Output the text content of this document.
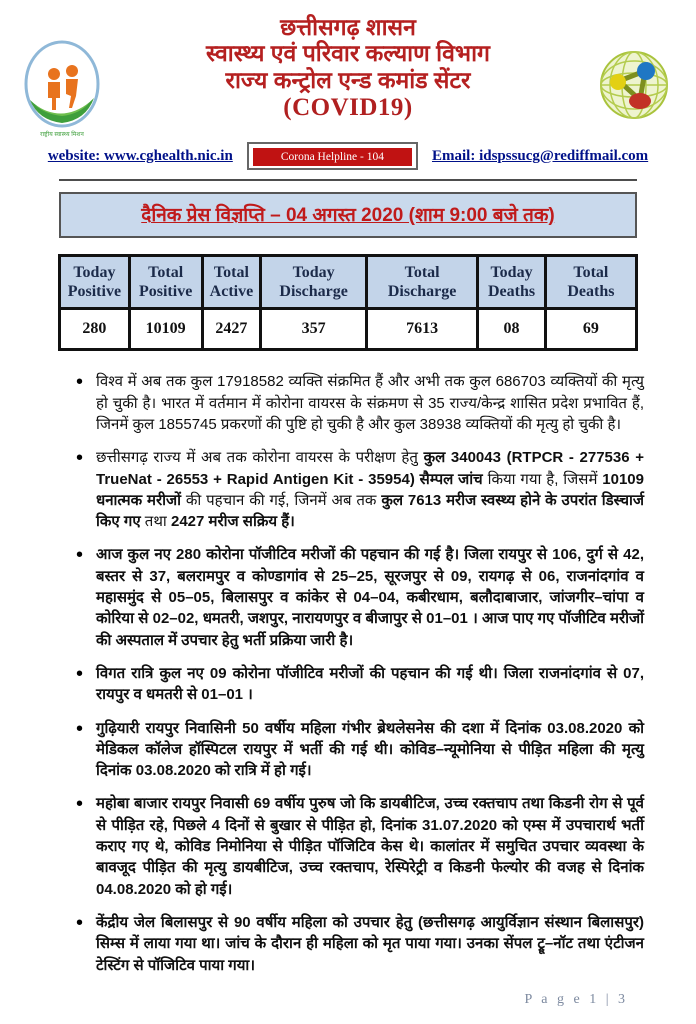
राष्ट्रीय स्वास्थ्य मिशन
छत्तीसगढ़ शासन
स्वास्थ्य एवं परिवार कल्याण विभाग
राज्य कन्ट्रोल एन्ड कमांड सेंटर
(COVID19)
website: www.cghealth.nic.in	Corona Helpline - 104	Email: idspssucg@rediffmail.com
दैनिक प्रेस विज्ञप्ति – 04 अगस्त 2020 (शाम 9:00 बजे तक)
Today Positive	Total Positive	Total Active	Today Discharge	Total Discharge	Today Deaths	Total Deaths
280	10109	2427	357	7613	08	69
• विश्व में अब तक कुल 17918582 व्यक्ति संक्रमित हैं और अभी तक कुल 686703 व्यक्तियों की मृत्यु हो चुकी है। भारत में वर्तमान में कोरोना वायरस के संक्रमण से 35 राज्य/केन्द्र शासित प्रदेश प्रभावित हैं, जिनमें कुल 1855745 प्रकरणों की पुष्टि हो चुकी है और कुल 38938 व्यक्तियों की मृत्यु हो चुकी है।
• छत्तीसगढ़ राज्य में अब तक कोरोना वायरस के परीक्षण हेतु कुल 340043 (RTPCR - 277536 + TrueNat - 26553 + Rapid Antigen Kit - 35954) सैम्पल जांच किया गया है, जिसमें 10109 धनात्मक मरीजों की पहचान की गई, जिनमें अब तक कुल 7613 मरीज स्वस्थ्य होने के उपरांत डिस्चार्ज किए गए तथा 2427 मरीज सक्रिय हैं।
• आज कुल नए 280 कोरोना पॉजीटिव मरीजों की पहचान की गई है। जिला रायपुर से 106, दुर्ग से 42, बस्तर से 37, बलरामपुर व कोण्डागांव से 25–25, सूरजपुर से 09, रायगढ़ से 06, राजनांदगांव व महासमुंद से 05–05, बिलासपुर व कांकेर से 04–04, कबीरधाम, बलौदाबाजार, जांजगीर–चांपा व कोरिया से 02–02, धमतरी, जशपुर, नारायणपुर व बीजापुर से 01–01 । आज पाए गए पॉजीटिव मरीजों की अस्पताल में उपचार हेतु भर्ती प्रक्रिया जारी है।
• विगत रात्रि कुल नए 09 कोरोना पॉजीटिव मरीजों की पहचान की गई थी। जिला राजनांदगांव से 07, रायपुर व धमतरी से 01–01 ।
• गुढ़ियारी रायपुर निवासिनी 50 वर्षीय महिला गंभीर ब्रेथलेसनेस की दशा में दिनांक 03.08.2020 को मेडिकल कॉलेज हॉस्पिटल रायपुर में भर्ती की गई थी। कोविड–न्यूमोनिया से पीड़ित महिला की मृत्यु दिनांक 03.08.2020 को रात्रि में हो गई।
• महोबा बाजार रायपुर निवासी 69 वर्षीय पुरुष जो कि डायबीटिज, उच्च रक्तचाप तथा किडनी रोग से पूर्व से पीड़ित रहे, पिछले 4 दिनों से बुखार से पीड़ित हो, दिनांक 31.07.2020 को एम्स में उपचारार्थ भर्ती कराए गए थे, कोविड निमोनिया से पीड़ित पॉजिटिव केस थे। कालांतर में समुचित उपचार व्यवस्था के बावजूद पीड़ित की मृत्यु डायबीटिज, उच्च रक्तचाप, रेस्पिरेट्री व किडनी फेल्योर की वजह से दिनांक 04.08.2020 को हो गई।
• केंद्रीय जेल बिलासपुर से 90 वर्षीय महिला को उपचार हेतु (छत्तीसगढ़ आयुर्विज्ञान संस्थान बिलासपुर) सिम्स में लाया गया था। जांच के दौरान ही महिला को मृत पाया गया। उनका सेंपल ट्रू–नॉट तथा एंटीजन टेस्टिंग से पॉजिटिव पाया गया।
P a g e 1 | 3
